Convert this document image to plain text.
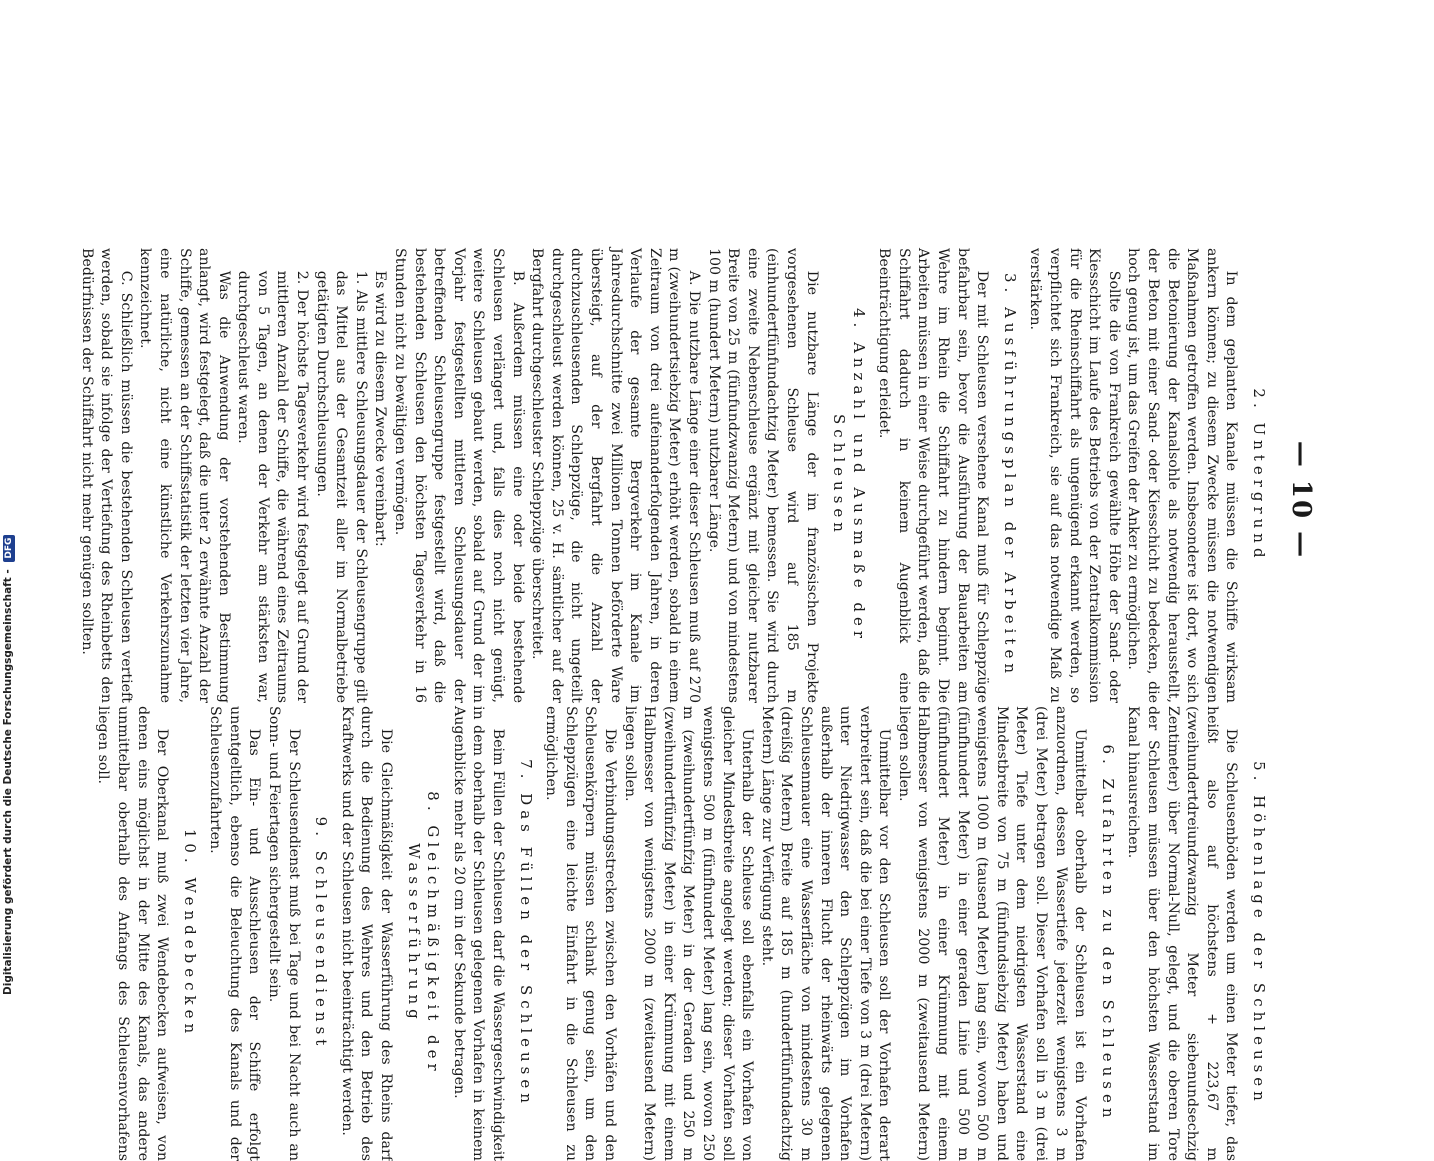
— 10 —
2. Untergrund

In dem geplanten Kanale müssen die Schiffe wirksam ankern können; zu diesem Zwecke müssen die notwendigen Maßnahmen getroffen werden. Insbesondere ist dort, wo sich die Betonierung der Kanalsohle als notwendig herausstellt, der Beton mit einer Sand- oder Kiesschicht zu bedecken, die hoch genug ist, um das Greifen der Anker zu ermöglichen.

Sollte die von Frankreich gewählte Höhe der Sand- oder Kiesschicht im Laufe des Betriebs von der Zentralkommission für die Rheinschiffahrt als ungenügend erkannt werden, so verpflichtet sich Frankreich, sie auf das notwendige Maß zu verstärken.

3. Ausführungsplan der Arbeiten

Der mit Schleusen versehene Kanal muß für Schleppzüge befahrbar sein, bevor die Ausführung der Bauarbeiten am Wehre im Rhein die Schiffahrt zu hindern beginnt. Die Arbeiten müssen in einer Weise durchgeführt werden, daß die Schiffahrt dadurch in keinem Augenblick eine Beeinträchtigung erleidet.

4. Anzahl und Ausmaße der Schleusen

Die nutzbare Länge der im französischen Projekte vorgesehenen Schleuse wird auf 185 m (einhundertfünfundachtzig Meter) bemessen. Sie wird durch eine zweite Nebenschleuse ergänzt mit gleicher nutzbarer Breite von 25 m (fünfundzwanzig Metern) und von mindestens 100 m (hundert Metern) nutzbarer Länge.

A. Die nutzbare Länge einer dieser Schleusen muß auf 270 m (zweihundertsiebzig Meter) erhöht werden, sobald in einem Zeitraum von drei aufeinanderfolgenden Jahren, in deren Verlaufe der gesamte Bergverkehr im Kanale im Jahresdurchschnitte zwei Millionen Tonnen beförderte Ware übersteigt, auf der Bergfahrt die Anzahl der durchzuschleusenden Schleppzüge, die nicht ungeteilt durchgeschleust werden können, 25 v. H. sämtlicher auf der Bergfahrt durchgeschleuster Schleppzüge überschreitet.

B. Außerdem müssen eine oder beide bestehende Schleusen verlängert und, falls dies noch nicht genügt, weitere Schleusen gebaut werden, sobald auf Grund der im Vorjahr festgestellten mittleren Schleusungsdauer der betreffenden Schleusengruppe festgestellt wird, daß die bestehenden Schleusen den höchsten Tagesverkehr in 16 Stunden nicht zu bewältigen vermögen.

Es wird zu diesem Zwecke vereinbart:

1. Als mittlere Schleusungsdauer der Schleusengruppe gilt das Mittel aus der Gesamtzeit aller im Normalbetriebe getätigten Durchschleusungen.

2. Der höchste Tagesverkehr wird festgelegt auf Grund der mittleren Anzahl der Schiffe, die während eines Zeitraums von 5 Tagen, an denen der Verkehr am stärksten war, durchgeschleust waren.

Was die Anwendung der vorstehenden Bestimmung anlangt, wird festgelegt, daß die unter 2 erwähnte Anzahl der Schiffe, gemessen an der Schiffsstatistik der letzten vier Jahre, eine natürliche, nicht eine künstliche Verkehrszunahme kennzeichnet.

C. Schließlich müssen die bestehenden Schleusen vertieft werden, sobald sie infolge der Vertiefung des Rheinbetts den Bedürfnissen der Schiffahrt nicht mehr genügen sollten.

5. Höhenlage der Schleusen

Die Schleusenböden werden um einen Meter tiefer, das heißt also auf höchstens + 223,67 m (zweihundertdreiundzwanzig Meter siebenundsechzig Zentimeter) über Normal-Null, gelegt, und die oberen Tore der Schleusen müssen über den höchsten Wasserstand im Kanal hinausreichen.

6. Zufahrten zu den Schleusen

Unmittelbar oberhalb der Schleusen ist ein Vorhafen anzuordnen, dessen Wassertiefe jederzeit wenigstens 3 m (drei Meter) betragen soll. Dieser Vorhafen soll in 3 m (drei Meter) Tiefe unter dem niedrigsten Wasserstand eine Mindestbreite von 75 m (fünfundsiebzig Meter) haben und wenigstens 1000 m (tausend Meter) lang sein, wovon 500 m (fünfhundert Meter) in einer geraden Linie und 500 m (fünfhundert Meter) in einer Krümmung mit einem Halbmesser von wenigstens 2000 m (zweitausend Metern) liegen sollen.

Unmittelbar vor den Schleusen soll der Vorhafen derart verbreitert sein, daß die bei einer Tiefe von 3 m (drei Metern) unter Niedrigwasser den Schleppzügen im Vorhafen außerhalb der inneren Flucht der rheinwärts gelegenen Schleusenmauer eine Wasserfläche von mindestens 30 m (dreißig Metern) Breite auf 185 m (hundertfünfundachtzig Metern) Länge zur Verfügung steht.

Unterhalb der Schleuse soll ebenfalls ein Vorhafen von gleicher Mindestbreite angelegt werden; dieser Vorhafen soll wenigstens 500 m (fünfhundert Meter) lang sein, wovon 250 m (zweihundertfünfzig Meter) in der Geraden und 250 m (zweihundertfünfzig Meter) in einer Krümmung mit einem Halbmesser von wenigstens 2000 m (zweitausend Metern) liegen sollen.

Die Verbindungsstrecken zwischen den Vorhäfen und den Schleusenkörpern müssen schlank genug sein, um den Schleppzügen eine leichte Einfahrt in die Schleusen zu ermöglichen.

7. Das Füllen der Schleusen

Beim Füllen der Schleusen darf die Wassergeschwindigkeit in dem oberhalb der Schleusen gelegenen Vorhafen in keinem Augenblicke mehr als 20 cm in der Sekunde betragen.

8. Gleichmäßigkeit der Wasserführung

Die Gleichmäßigkeit der Wasserführung des Rheins darf durch die Bedienung des Wehres und den Betrieb des Kraftwerks und der Schleusen nicht beeinträchtigt werden.

9. Schleusendienst

Der Schleusendienst muß bei Tage und bei Nacht auch an Sonn- und Feiertagen sichergestellt sein.

Das Ein- und Ausschleusen der Schiffe erfolgt unentgeltlich, ebenso die Beleuchtung des Kanals und der Schleusenzufahrten.

10. Wendebecken

Der Oberkanal muß zwei Wendebecken aufweisen, von denen eins möglichst in der Mitte des Kanals, das andere unmittelbar oberhalb des Anfangs des Schleusenvorhafens liegen soll.

Digitalisierung gefördert durch die Deutsche Forschungsgemeinschaft - DFG
